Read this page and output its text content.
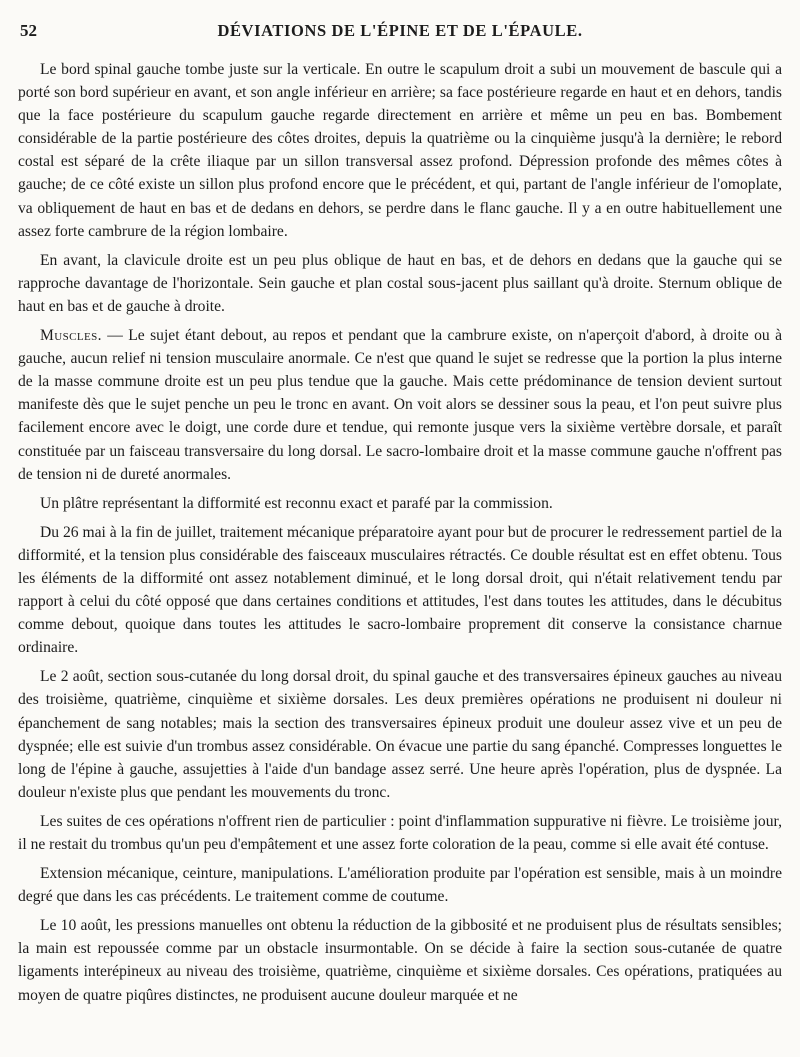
52	DÉVIATIONS DE L'ÉPINE ET DE L'ÉPAULE.

Le bord spinal gauche tombe juste sur la verticale. En outre le scapulum droit a subi un mouvement de bascule qui a porté son bord supérieur en avant, et son angle inférieur en arrière; sa face postérieure regarde en haut et en dehors, tandis que la face postérieure du scapulum gauche regarde directement en arrière et même un peu en bas. Bombement considérable de la partie postérieure des côtes droites, depuis la quatrième ou la cinquième jusqu'à la dernière; le rebord costal est séparé de la crête iliaque par un sillon transversal assez profond. Dépression profonde des mêmes côtes à gauche; de ce côté existe un sillon plus profond encore que le précédent, et qui, partant de l'angle inférieur de l'omoplate, va obliquement de haut en bas et de dedans en dehors, se perdre dans le flanc gauche. Il y a en outre habituellement une assez forte cambrure de la région lombaire.

En avant, la clavicule droite est un peu plus oblique de haut en bas, et de dehors en dedans que la gauche qui se rapproche davantage de l'horizontale. Sein gauche et plan costal sous-jacent plus saillant qu'à droite. Sternum oblique de haut en bas et de gauche à droite.

Muscles. — Le sujet étant debout, au repos et pendant que la cambrure existe, on n'aperçoit d'abord, à droite ou à gauche, aucun relief ni tension musculaire anormale. Ce n'est que quand le sujet se redresse que la portion la plus interne de la masse commune droite est un peu plus tendue que la gauche. Mais cette prédominance de tension devient surtout manifeste dès que le sujet penche un peu le tronc en avant. On voit alors se dessiner sous la peau, et l'on peut suivre plus facilement encore avec le doigt, une corde dure et tendue, qui remonte jusque vers la sixième vertèbre dorsale, et paraît constituée par un faisceau transversaire du long dorsal. Le sacro-lombaire droit et la masse commune gauche n'offrent pas de tension ni de dureté anormales.

Un plâtre représentant la difformité est reconnu exact et parafé par la commission.

Du 26 mai à la fin de juillet, traitement mécanique préparatoire ayant pour but de procurer le redressement partiel de la difformité, et la tension plus considérable des faisceaux musculaires rétractés. Ce double résultat est en effet obtenu. Tous les éléments de la difformité ont assez notablement diminué, et le long dorsal droit, qui n'était relativement tendu par rapport à celui du côté opposé que dans certaines conditions et attitudes, l'est dans toutes les attitudes, dans le décubitus comme debout, quoique dans toutes les attitudes le sacro-lombaire proprement dit conserve la consistance charnue ordinaire.

Le 2 août, section sous-cutanée du long dorsal droit, du spinal gauche et des transversaires épineux gauches au niveau des troisième, quatrième, cinquième et sixième dorsales. Les deux premières opérations ne produisent ni douleur ni épanchement de sang notables; mais la section des transversaires épineux produit une douleur assez vive et un peu de dyspnée; elle est suivie d'un trombus assez considérable. On évacue une partie du sang épanché. Compresses longuettes le long de l'épine à gauche, assujetties à l'aide d'un bandage assez serré. Une heure après l'opération, plus de dyspnée. La douleur n'existe plus que pendant les mouvements du tronc.

Les suites de ces opérations n'offrent rien de particulier : point d'inflammation suppurative ni fièvre. Le troisième jour, il ne restait du trombus qu'un peu d'empâtement et une assez forte coloration de la peau, comme si elle avait été contuse.

Extension mécanique, ceinture, manipulations. L'amélioration produite par l'opération est sensible, mais à un moindre degré que dans les cas précédents. Le traitement comme de coutume.

Le 10 août, les pressions manuelles ont obtenu la réduction de la gibbosité et ne produisent plus de résultats sensibles; la main est repoussée comme par un obstacle insurmontable. On se décide à faire la section sous-cutanée de quatre ligaments interépineux au niveau des troisième, quatrième, cinquième et sixième dorsales. Ces opérations, pratiquées au moyen de quatre piqûres distinctes, ne produisent aucune douleur marquée et ne
